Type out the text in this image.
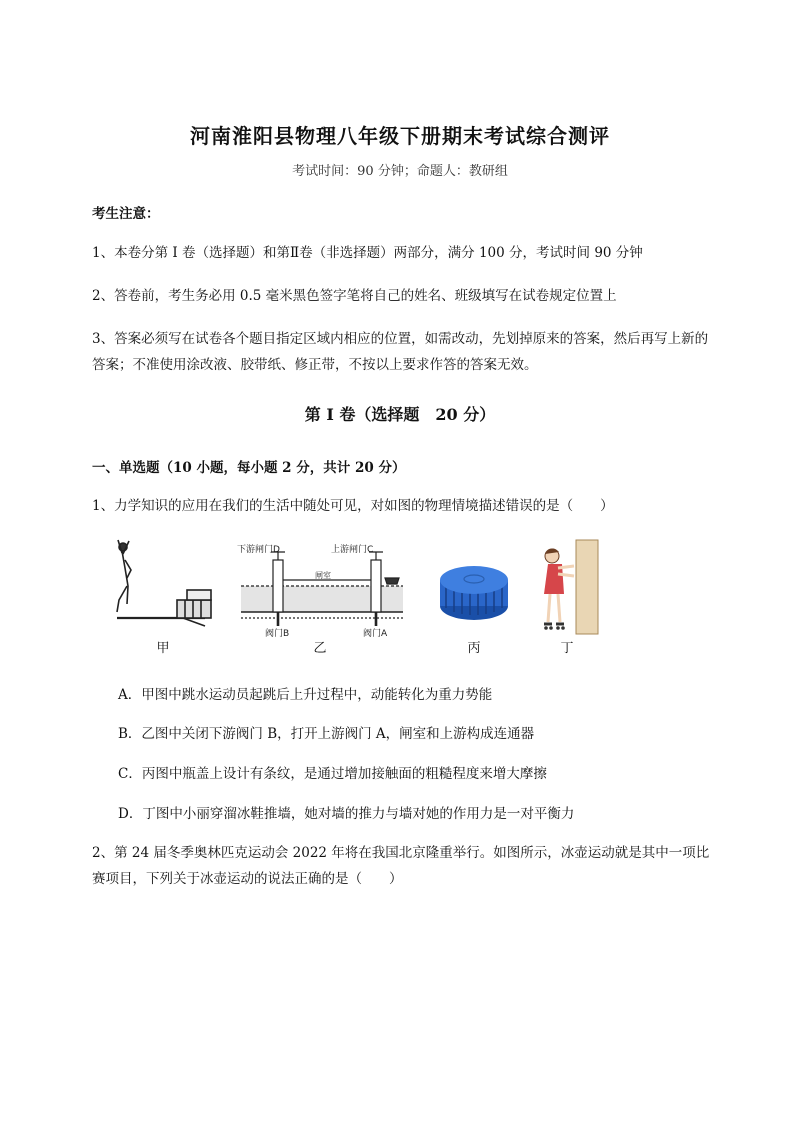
河南淮阳县物理八年级下册期末考试综合测评
考试时间：90 分钟；命题人：教研组
考生注意：
1、本卷分第 I 卷（选择题）和第Ⅱ卷（非选择题）两部分，满分 100 分，考试时间 90 分钟
2、答卷前，考生务必用 0.5 毫米黑色签字笔将自己的姓名、班级填写在试卷规定位置上
3、答案必须写在试卷各个题目指定区域内相应的位置，如需改动，先划掉原来的答案，然后再写上新的答案；不准使用涂改液、胶带纸、修正带，不按以上要求作答的答案无效。
第 I 卷（选择题　20 分）
一、单选题（10 小题，每小题 2 分，共计 20 分）
1、力学知识的应用在我们的生活中随处可见，对如图的物理情境描述错误的是（　　）
甲
下游闸门D	上游闸门C
闸室
阀门B	阀门A
乙	丙	丁
A．甲图中跳水运动员起跳后上升过程中，动能转化为重力势能
B．乙图中关闭下游阀门 B，打开上游阀门 A，闸室和上游构成连通器
C．丙图中瓶盖上设计有条纹，是通过增加接触面的粗糙程度来增大摩擦
D．丁图中小丽穿溜冰鞋推墙，她对墙的推力与墙对她的作用力是一对平衡力
2、第 24 届冬季奥林匹克运动会 2022 年将在我国北京隆重举行。如图所示，冰壶运动就是其中一项比赛项目，下列关于冰壶运动的说法正确的是（　　）
